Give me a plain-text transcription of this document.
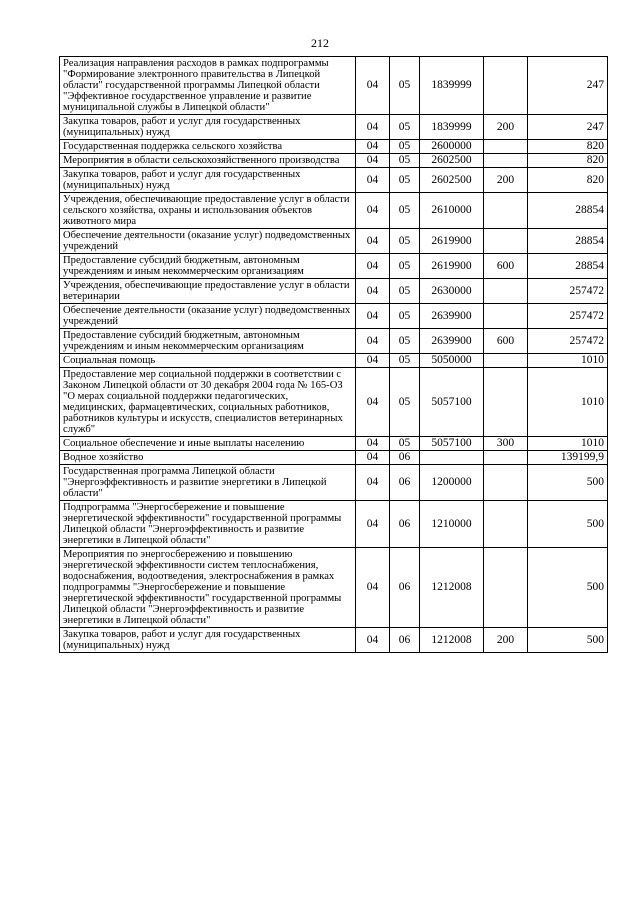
212
Реализация направления расходов в рамках подпрограммы "Формирование электронного правительства в Липецкой области" государственной программы Липецкой области "Эффективное государственное управление и развитие муниципальной службы в Липецкой области"	04	05	1839999		247
Закупка товаров, работ и услуг для государственных (муниципальных) нужд	04	05	1839999	200	247
Государственная поддержка сельского хозяйства	04	05	2600000		820
Мероприятия в области сельскохозяйственного производства	04	05	2602500		820
Закупка товаров, работ и услуг для государственных (муниципальных) нужд	04	05	2602500	200	820
Учреждения, обеспечивающие предоставление услуг в области сельского хозяйства, охраны и использования объектов животного мира	04	05	2610000		28854
Обеспечение деятельности (оказание услуг) подведомственных учреждений	04	05	2619900		28854
Предоставление субсидий бюджетным, автономным учреждениям и иным некоммерческим организациям	04	05	2619900	600	28854
Учреждения, обеспечивающие предоставление услуг в области ветеринарии	04	05	2630000		257472
Обеспечение деятельности (оказание услуг) подведомственных учреждений	04	05	2639900		257472
Предоставление субсидий бюджетным, автономным учреждениям и иным некоммерческим организациям	04	05	2639900	600	257472
Социальная помощь	04	05	5050000		1010
Предоставление мер социальной поддержки в соответствии с Законом Липецкой области от 30 декабря 2004 года № 165-ОЗ "О мерах социальной поддержки педагогических, медицинских, фармацевтических, социальных работников, работников культуры и искусств, специалистов ветеринарных служб"	04	05	5057100		1010
Социальное обеспечение и иные выплаты населению	04	05	5057100	300	1010
Водное хозяйство	04	06			139199,9
Государственная программа Липецкой области "Энергоэффективность и развитие энергетики в Липецкой области"	04	06	1200000		500
Подпрограмма "Энергосбережение и повышение энергетической эффективности" государственной программы Липецкой области "Энергоэффективность и развитие энергетики в Липецкой области"	04	06	1210000		500
Мероприятия по энергосбережению и повышению энергетической эффективности систем теплоснабжения, водоснабжения, водоотведения, электроснабжения в рамках подпрограммы "Энергосбережение и повышение энергетической эффективности" государственной программы Липецкой области "Энергоэффективность и развитие энергетики в Липецкой области"	04	06	1212008		500
Закупка товаров, работ и услуг для государственных (муниципальных) нужд	04	06	1212008	200	500
